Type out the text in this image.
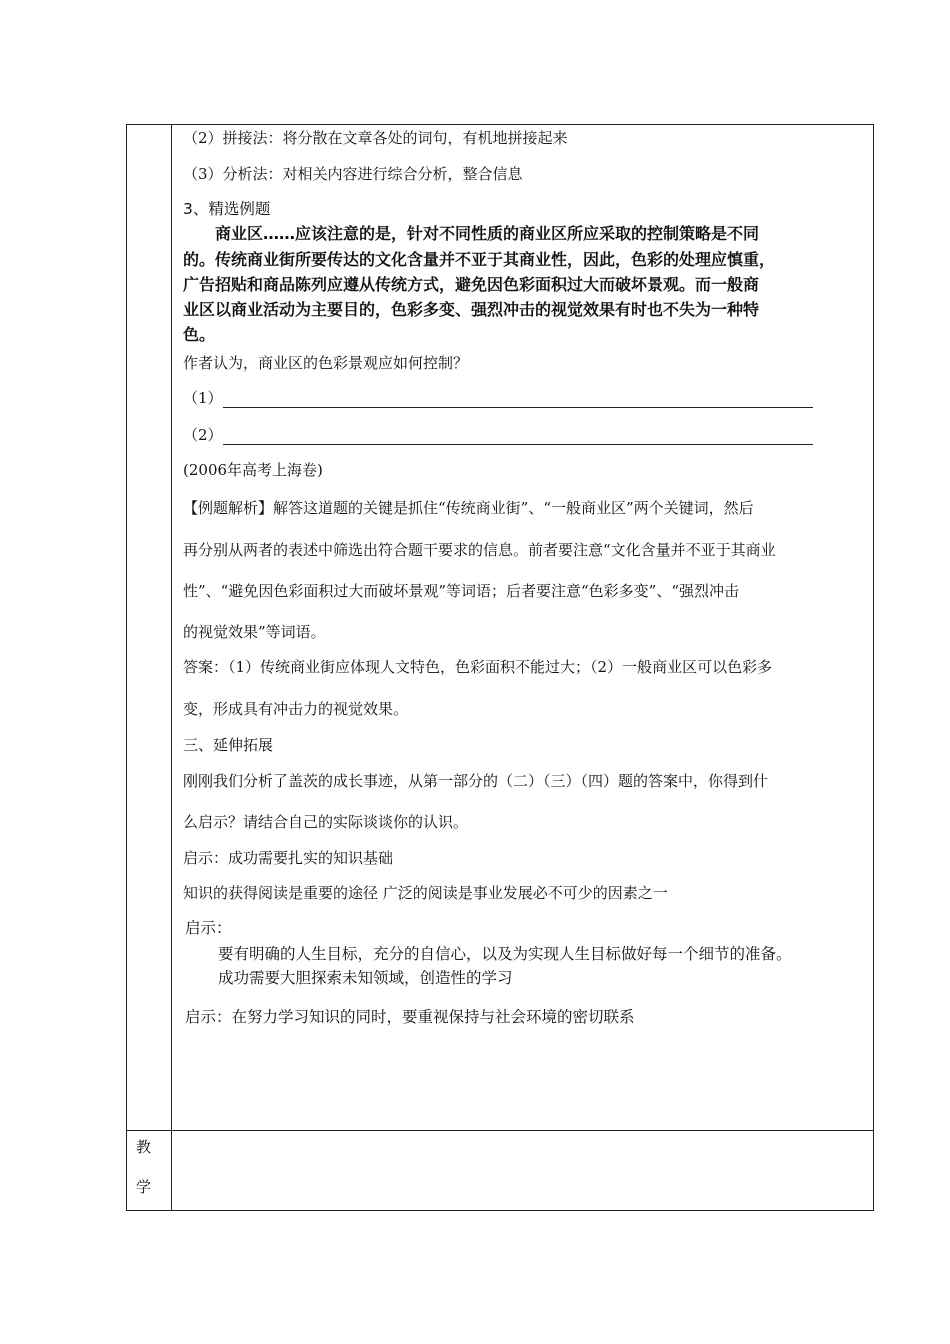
（2）拼接法：将分散在文章各处的词句，有机地拼接起来
（3）分析法：对相关内容进行综合分析，整合信息
3、精选例题
商业区……应该注意的是，针对不同性质的商业区所应采取的控制策略是不同
的。传统商业街所要传达的文化含量并不亚于其商业性，因此，色彩的处理应慎重，
广告招贴和商品陈列应遵从传统方式，避免因色彩面积过大而破坏景观。而一般商
业区以商业活动为主要目的，色彩多变、强烈冲击的视觉效果有时也不失为一种特
色。
作者认为，商业区的色彩景观应如何控制？
（1）
（2）
(2006年高考上海卷)
【例题解析】解答这道题的关键是抓住“传统商业街”、“一般商业区”两个关键词，然后
再分别从两者的表述中筛选出符合题干要求的信息。前者要注意“文化含量并不亚于其商业
性”、“避免因色彩面积过大而破坏景观”等词语；后者要注意“色彩多变”、“强烈冲击
的视觉效果”等词语。
答案：（1）传统商业街应体现人文特色，色彩面积不能过大；（2）一般商业区可以色彩多
变，形成具有冲击力的视觉效果。
三、延伸拓展
刚刚我们分析了盖茨的成长事迹，从第一部分的（二）（三）（四）题的答案中，你得到什
么启示？请结合自己的实际谈谈你的认识。
启示：成功需要扎实的知识基础
知识的获得阅读是重要的途径 广泛的阅读是事业发展必不可少的因素之一
启示：
要有明确的人生目标，充分的自信心，以及为实现人生目标做好每一个细节的准备。
成功需要大胆探索未知领域，创造性的学习
启示：在努力学习知识的同时，要重视保持与社会环境的密切联系
教
学
